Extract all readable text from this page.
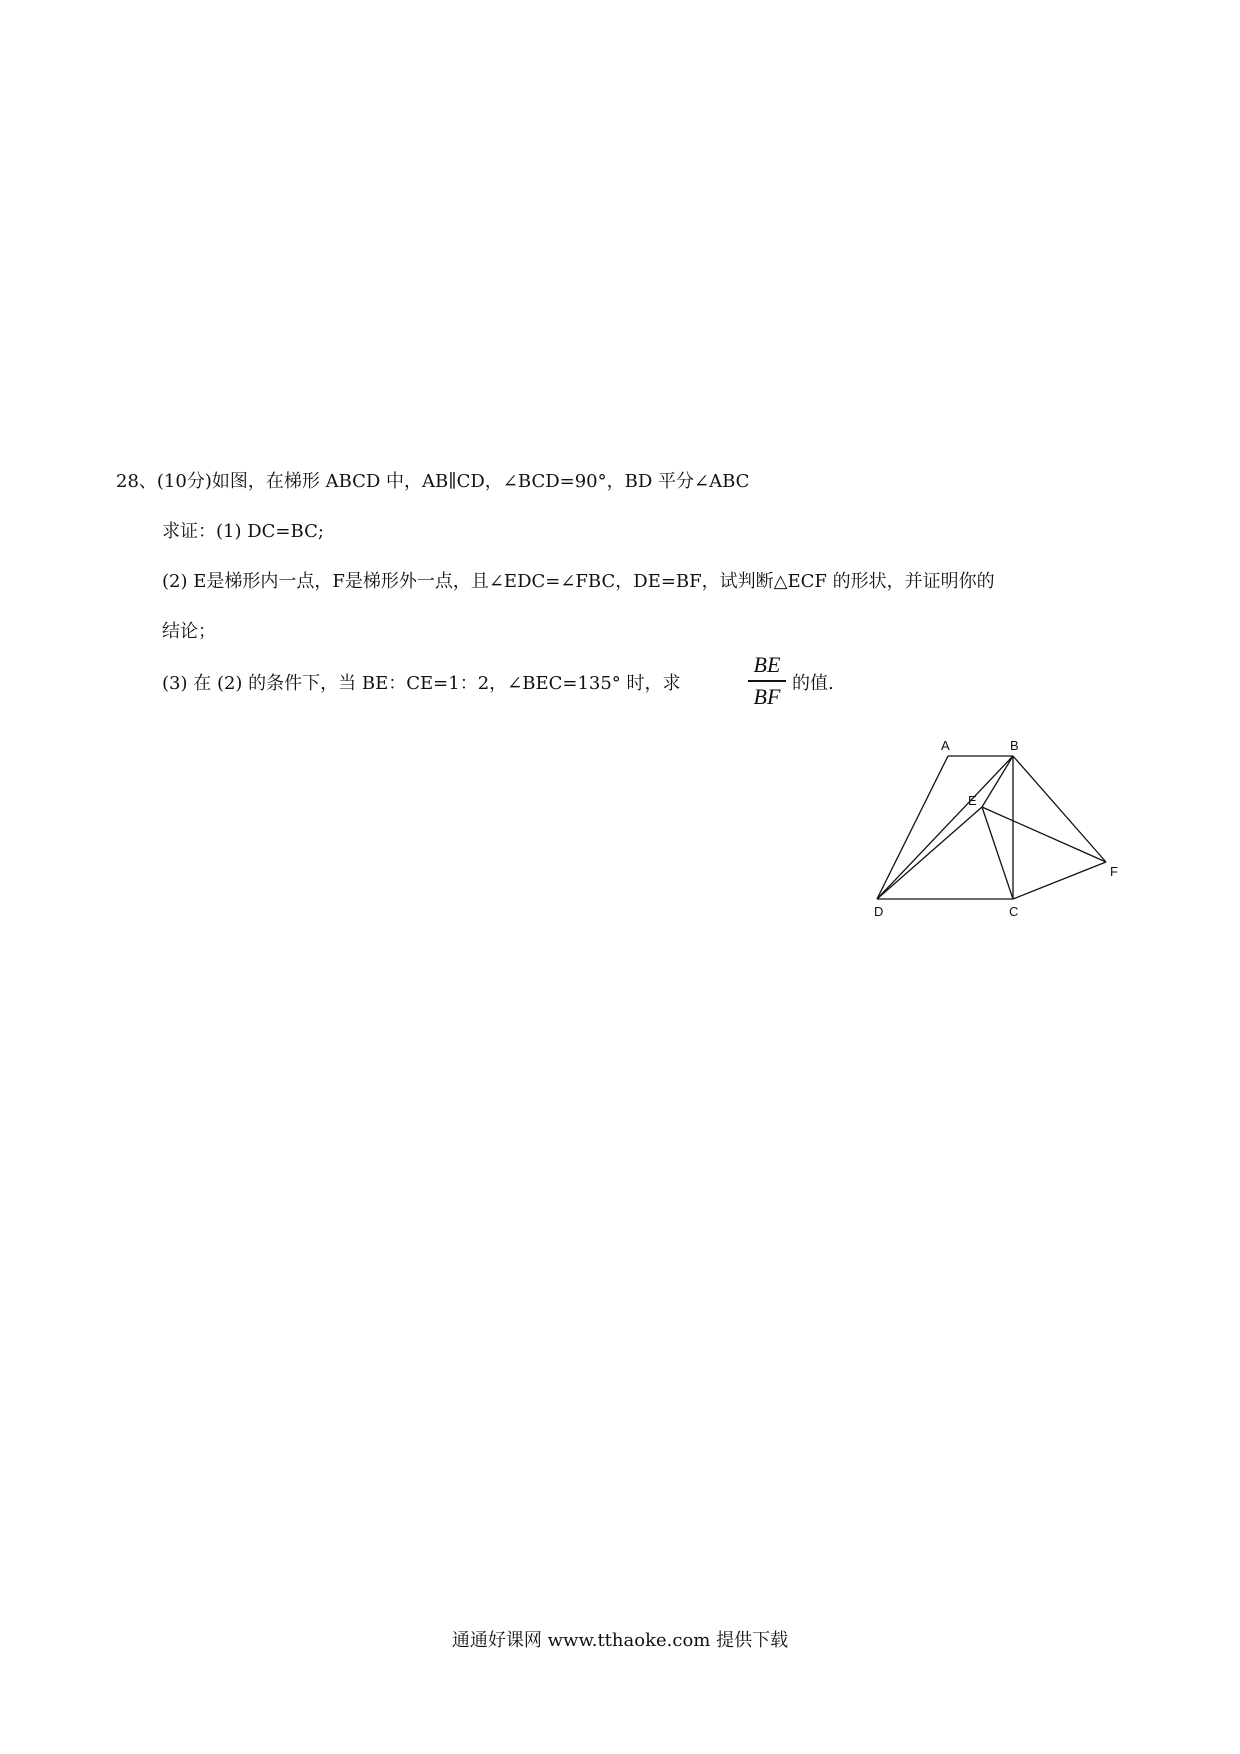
28、(10分)如图，在梯形 ABCD 中，AB∥CD，∠BCD=90°，BD 平分∠ABC
求证：(1) DC=BC;
(2) E是梯形内一点，F是梯形外一点，且∠EDC=∠FBC，DE=BF，试判断△ECF 的形状，并证明你的
结论；
(3) 在 (2) 的条件下，当 BE：CE=1：2，∠BEC=135° 时，求
BE
BF 的值.
A	B
E
F
D	C
通通好课网 www.tthaoke.com 提供下载
